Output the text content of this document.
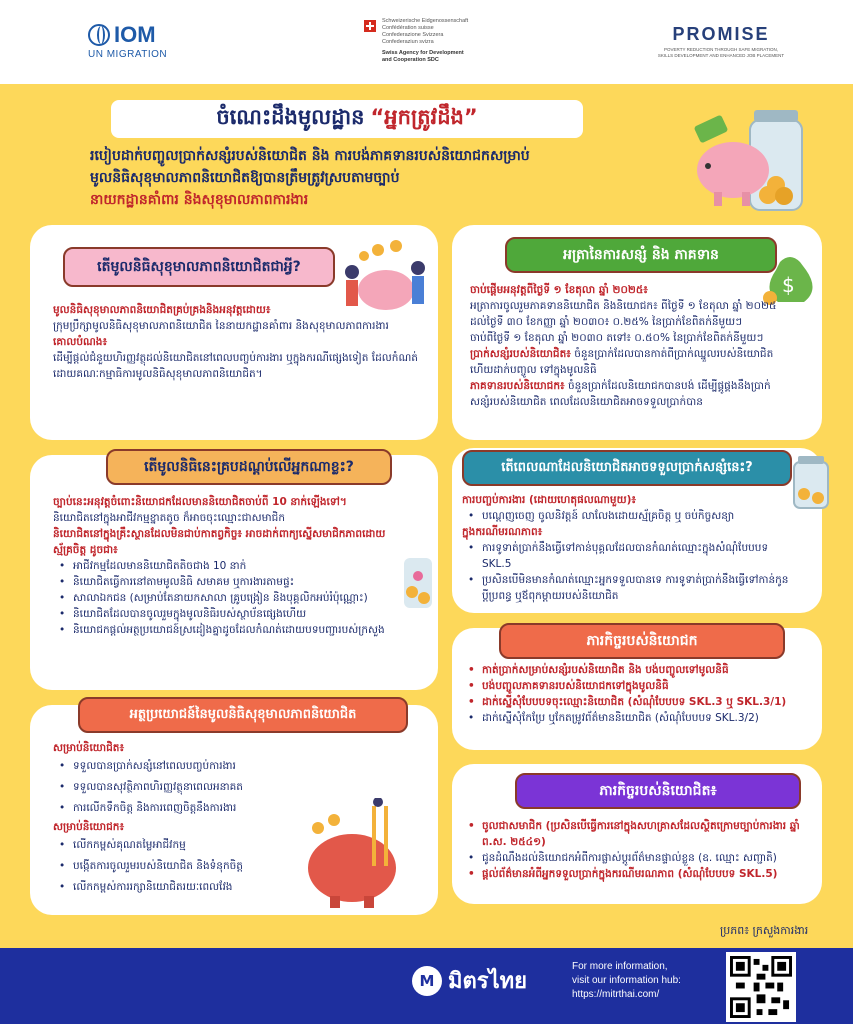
IOM
UN MIGRATION
Schweizerische Eidgenossenschaft
Confédération suisse
Confederazione Svizzera
Confederaziun svizra
Swiss Agency for Development
and Cooperation SDC
PROMISE
POVERTY REDUCTION THROUGH SAFE MIGRATION,
SKILLS DEVELOPMENT AND ENHANCED JOB PLACEMENT
ចំណេះដឹងមូលដ្ឋាន “អ្នកត្រូវដឹង”
របៀបដាក់បញ្ចូលប្រាក់សន្សំរបស់និយោជិត និង ការបង់ភាគទានរបស់និយោជកសម្រាប់
មូលនិធិសុខុមាលភាពនិយោជិតឱ្យបានត្រឹមត្រូវស្របតាមច្បាប់
នាយកដ្ឋានគាំពារ និងសុខុមាលភាពការងារ
តើមូលនិធិសុខុមាលភាពនិយោជិតជាអ្វី?
មូលនិធិសុខុមាលភាពនិយោជិតគ្រប់គ្រងនិងអនុវត្តដោយ៖
ក្រុមប្រឹក្សាមូលនិធិសុខុមាលភាពនិយោជិត នៃនាយកដ្ឋានគាំពារ និងសុខុមាលភាពការងារ
គោលបំណង៖
ដើម្បីផ្តល់ជំនួយហិរញ្ញវត្ថុដល់និយោជិតនៅពេលបញ្ចប់ការងារ ឬក្នុងករណីផ្សេងទៀត ដែលកំណត់ដោយគណៈកម្មាធិការមូលនិធិសុខុមាលភាពនិយោជិត។
អត្រានៃការសន្សំ និង ភាគទាន
$
ចាប់ផ្តើមអនុវត្តពីថ្ងៃទី ១ ខែតុលា ឆ្នាំ ២០២៥៖
អត្រាការចូលរួមភាគទាននិយោជិត និងនិយោជក៖ ពីថ្ងៃទី ១ ខែតុលា ឆ្នាំ ២០២៥ ដល់ថ្ងៃទី ៣០ ខែកញ្ញា ឆ្នាំ ២០៣០៖ ០.២៥% នៃប្រាក់ខែពិតក់នីមួយៗ
ចាប់ពីថ្ងៃទី ១ ខែតុលា ឆ្នាំ ២០៣០ តទៅ៖ ០.៥០% នៃប្រាក់ខែពិតក់នីមួយៗ
ប្រាក់សន្សំរបស់និយោជិត៖ ចំនួនប្រាក់ដែលបានកាត់ពីប្រាក់ឈ្នួលរបស់និយោជិត ហើយដាក់បញ្ចូល ទៅក្នុងមូលនិធិ
ភាគទានរបស់និយោជក៖ ចំនួនប្រាក់ដែលនិយោជកបានបង់ ដើម្បីផ្គូផ្គងនឹងប្រាក់សន្សំរបស់និយោជិត ពេលដែលនិយោជិតអាចទទួលប្រាក់បាន
តើមូលនិធិនេះគ្របដណ្តប់លើអ្នកណាខ្លះ?
ច្បាប់នេះអនុវត្តចំពោះនិយោជកដែលមាននិយោជិតចាប់ពី 10 នាក់ឡើងទៅ។
និយោជិតនៅក្នុងអាជីវកម្មខ្នាតតូច ក៏អាចចុះឈ្មោះជាសមាជិក
និយោជិតនៅក្នុងគ្រឹះស្ថានដែលមិនជាប់កាតព្វកិច្ច៖ អាចដាក់ពាក្យស្នើសមាជិកភាពដោយស្ម័គ្រចិត្ត ដូចជា៖
• អាជីវកម្មដែលមាននិយោជិតតិចជាង 10 នាក់
• និយោជិតធ្វើការនៅតាមមូលនិធិ សមាគម ឬការងារតាមផ្ទះ
• សាលាឯកជន (សម្រាប់តែនាយកសាលា គ្រូបង្រៀន និងបុគ្គលិកអប់រំប៉ុណ្ណោះ)
• និយោជិតដែលបានចូលរួមក្នុងមូលនិធិរបស់ស្ថាប័នផ្សេងហើយ
• និយោជកផ្តល់អត្ថប្រយោជន៍ស្រដៀងគ្នាដូចដែលកំណត់ដោយបទបញ្ជារបស់ក្រសួង
តើពេលណាដែលនិយោជិតអាចទទួលប្រាក់សន្សំនេះ?
ការបញ្ចប់ការងារ (ដោយហេតុផលណាមួយ)៖
• បណ្តេញចេញ ចូលនិវត្តន៍ លាលែងដោយស្ម័គ្រចិត្ត ឬ ចប់កិច្ចសន្យា
ក្នុងករណីមរណភាព៖
• ការទូទាត់ប្រាក់នឹងធ្វើទៅកាន់បុគ្គលដែលបានកំណត់ឈ្មោះក្នុងសំណុំបែបបទ SKL.5
• ប្រសិនបើមិនមានកំណត់ឈ្មោះអ្នកទទួលបានទេ ការទូទាត់ប្រាក់នឹងធ្វើទៅកាន់កូន ប្តីប្រពន្ធ ឬឪពុកម្តាយរបស់និយោជិត
ភារកិច្ចរបស់និយោជក
• កាត់ប្រាក់សម្រាប់សន្សំរបស់និយោជិត និង បង់បញ្ចូលទៅមូលនិធិ
• បង់បញ្ចូលភាគទានរបស់និយោជកទៅក្នុងមូលនិធិ
• ដាក់ស្នើសុំបែបបទចុះឈ្មោះនិយោជិត (សំណុំបែបបទ SKL.3 ឬ SKL.3/1)
• ដាក់ស្នើសុំកែប្រែ ឬកែតម្រូវព័ត៌មាននិយោជិត (សំណុំបែបបទ SKL.3/2)
អត្ថប្រយោជន៍នៃមូលនិធិសុខុមាលភាពនិយោជិត
សម្រាប់និយោជិត៖
• ទទួលបានប្រាក់សន្សំនៅពេលបញ្ចប់ការងារ
• ទទួលបានសុវត្ថិភាពហិរញ្ញវត្ថុនាពេលអនាគត
• ការលើកទឹកចិត្ត និងការពេញចិត្តនឹងការងារ
សម្រាប់និយោជក៖
• លើកកម្ពស់គុណតម្លៃអាជីវកម្ម
• បង្កើតការចូលរួមរបស់និយោជិត និងទំនុកចិត្ត
• លើកកម្ពស់ការរក្សានិយោជិតរយៈពេលវែង
ភារកិច្ចរបស់និយោជិត៖
• ចូលជាសមាជិក (ប្រសិនបើធ្វើការនៅក្នុងសហគ្រាសដែលស្ថិតក្រោមច្បាប់ការងារ ឆ្នាំ ព.ស. ២៥៤១)
• ជូនដំណឹងដល់និយោជកអំពីការផ្លាស់ប្តូរព័ត៌មានផ្ទាល់ខ្លួន (ឧ. ឈ្មោះ សញ្ជាតិ)
• ផ្តល់ព័ត៌មានអំពីអ្នកទទួលប្រាក់ក្នុងករណីមរណភាព (សំណុំបែបបទ SKL.5)
ប្រភព៖ ក្រសួងការងារ
M มิตรไทย
For more information,
visit our information hub:
https://mitrthai.com/
